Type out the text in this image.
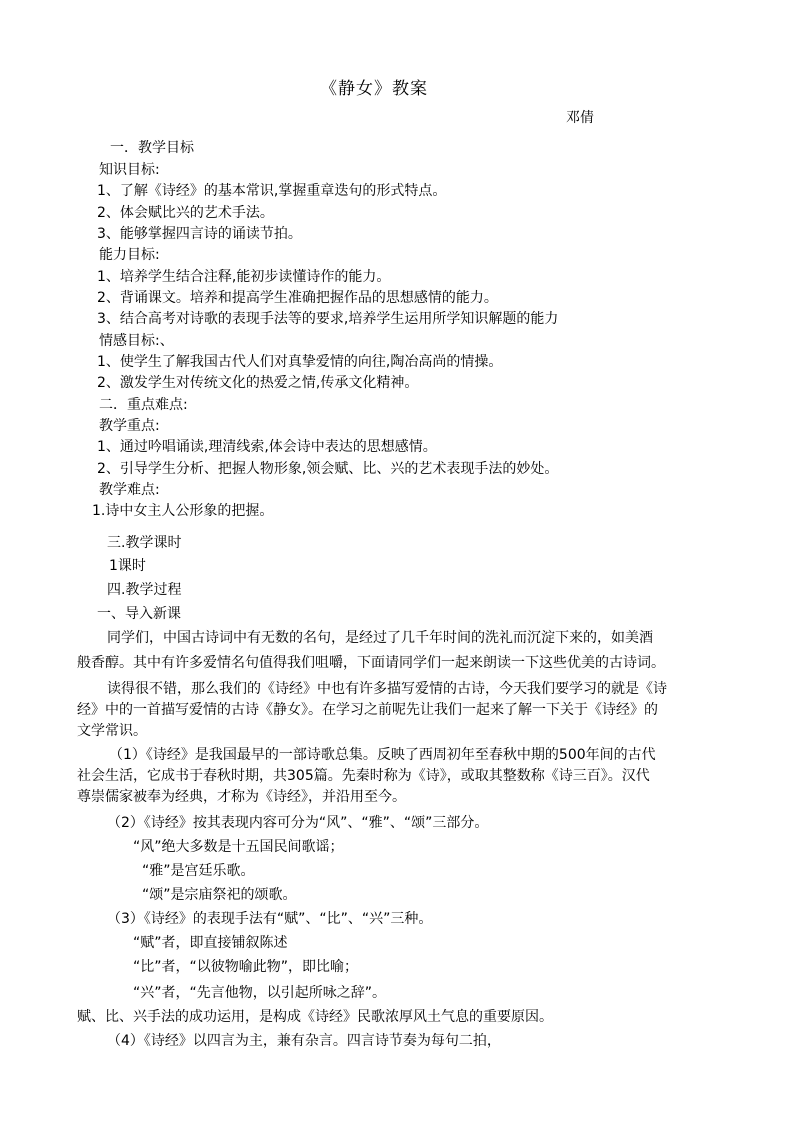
《静女》教案
邓倩
一．教学目标
知识目标:
1、了解《诗经》的基本常识,掌握重章迭句的形式特点。
2、体会赋比兴的艺术手法。
3、能够掌握四言诗的诵读节拍。
能力目标:
1、培养学生结合注释,能初步读懂诗作的能力。
2、背诵课文。培养和提高学生准确把握作品的思想感情的能力。
3、结合高考对诗歌的表现手法等的要求,培养学生运用所学知识解题的能力
情感目标:、
1、使学生了解我国古代人们对真挚爱情的向往,陶冶高尚的情操。
2、激发学生对传统文化的热爱之情,传承文化精神。
二．重点难点:
教学重点:
1、通过吟唱诵读,理清线索,体会诗中表达的思想感情。
2、引导学生分析、把握人物形象,领会赋、比、兴的艺术表现手法的妙处。
教学难点:
1.诗中女主人公形象的把握。
三.教学课时
1课时
四.教学过程
一、导入新课
同学们，中国古诗词中有无数的名句，是经过了几千年时间的洗礼而沉淀下来的，如美酒
般香醇。其中有许多爱情名句值得我们咀嚼，下面请同学们一起来朗读一下这些优美的古诗词。
读得很不错，那么我们的《诗经》中也有许多描写爱情的古诗，今天我们要学习的就是《诗
经》中的一首描写爱情的古诗《静女》。在学习之前呢先让我们一起来了解一下关于《诗经》的
文学常识。
（1）《诗经》是我国最早的一部诗歌总集。反映了西周初年至春秋中期的500年间的古代
社会生活，它成书于春秋时期，共305篇。先秦时称为《诗》，或取其整数称《诗三百》。汉代
尊崇儒家被奉为经典，才称为《诗经》，并沿用至今。
（2）《诗经》按其表现内容可分为“风”、“雅”、“颂”三部分。
“风”绝大多数是十五国民间歌谣；
“雅”是宫廷乐歌。
“颂”是宗庙祭祀的颂歌。
（3）《诗经》的表现手法有“赋”、“比”、“兴”三种。
“赋”者，即直接铺叙陈述
“比”者，“以彼物喻此物”，即比喻；
“兴”者，“先言他物，以引起所咏之辞”。
赋、比、兴手法的成功运用，是构成《诗经》民歌浓厚风土气息的重要原因。
（4）《诗经》以四言为主，兼有杂言。四言诗节奏为每句二拍，
